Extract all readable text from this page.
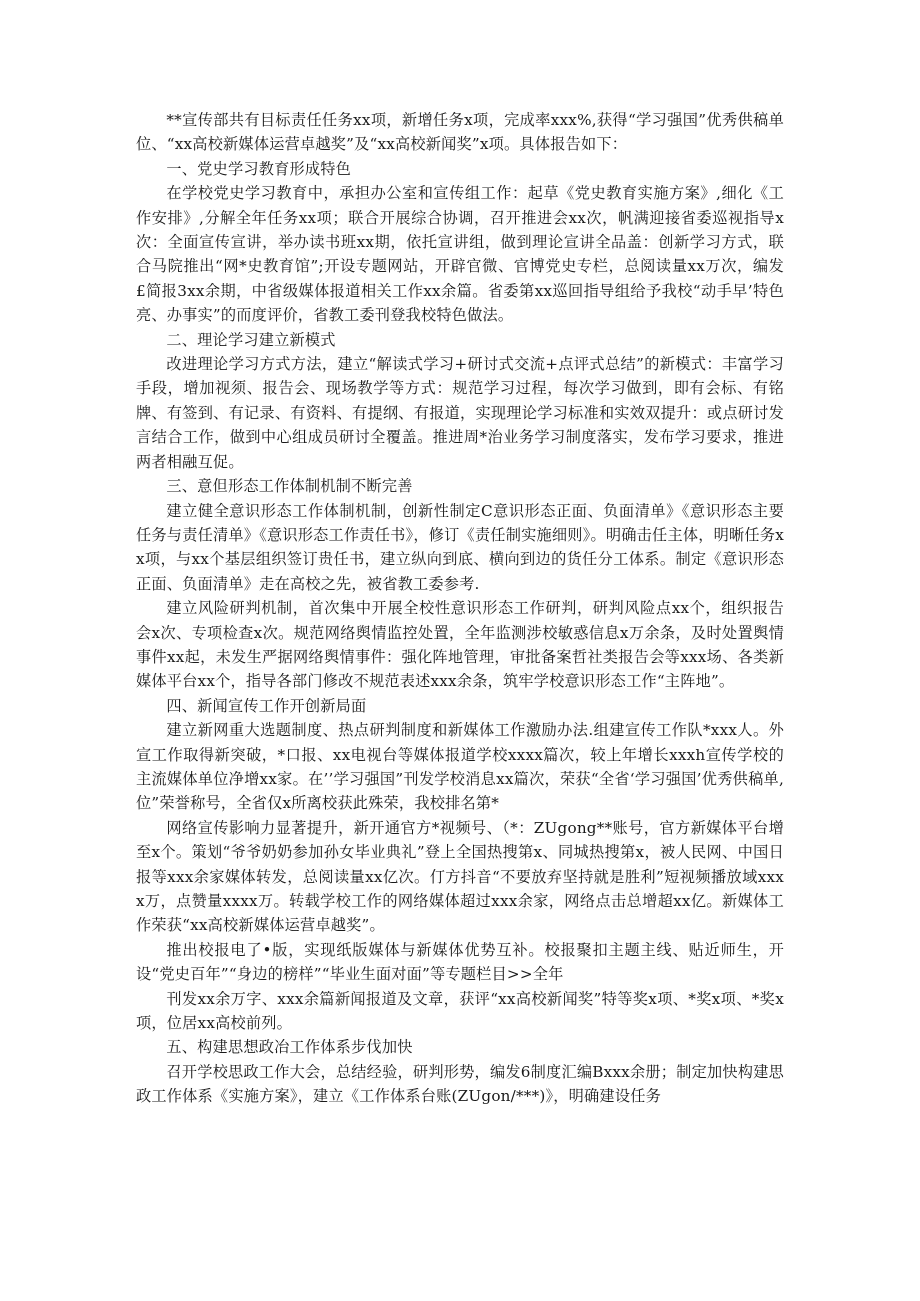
**宣传部共有目标责任任务xx项，新增任务x项，完成率xxx%,获得“学习强国”优秀供稿单位、“xx高校新媒体运营卓越奖”及“xx高校新闻奖”x项。具体报告如下：

一、党史学习教育形成特色

在学校党史学习教育中，承担办公室和宣传组工作：起草《党史教育实施方案》,细化《工作安排》,分解全年任务xx项；联合开展综合协调，召开推进会xx次，帆满迎接省委巡视指导x次：全面宣传宣讲，举办读书班xx期，依托宣讲组，做到理论宣讲全品盖：创新学习方式，联合马院推出“网*史教育馆”;开设专题网站，开辟官微、官博党史专栏，总阅读量xx万次，编发£简报3xx余期，中省级媒体报道相关工作xx余篇。省委第xx巡回指导组给予我校“动手早’特色亮、办事实”的而度评价，省教工委刊登我校特色做法。

二、理论学习建立新模式

改进理论学习方式方法，建立“解读式学习+研讨式交流+点评式总结”的新模式：丰富学习手段，增加视须、报告会、现场教学等方式：规范学习过程，每次学习做到，即有会标、有铭牌、有签到、有记录、有资料、有提纲、有报道，实现理论学习标准和实效双提升：或点研讨发言结合工作，做到中心组成员研讨全覆盖。推进周*治业务学习制度落实，发布学习要求，推进两者相融互促。

三、意但形态工作体制机制不断完善

建立健全意识形态工作体制机制，创新性制定C意识形态正面、负面清单》《意识形态主要任务与责任清单》《意识形态工作责任书》，修订《责任制实施细则》。明确击任主体，明晰任务xx项，与xx个基层组织签订贵任书，建立纵向到底、横向到边的货任分工体系。制定《意识形态正面、负面清单》走在高校之先，被省教工委参考.

建立风险研判机制，首次集中开展全校性意识形态工作研判，研判风险点xx个，组织报告会x次、专项检查x次。规范网络舆情监控处置，全年监测涉校敏惑信息x万余条，及时处置舆情事件xx起，未发生严据网络舆情事件：强化阵地管理，审批备案哲社类报告会等xxx场、各类新媒体平台xx个，指导各部门修改不规范表述xxx余条，筑牢学校意识形态工作“主阵地”。

四、新闻宣传工作开创新局面

建立新网重大选题制度、热点研判制度和新媒体工作激励办法.组建宣传工作队*xxx人。外宣工作取得新突破，*口报、xx电视台等媒体报道学校xxxx篇次，较上年增长xxxh宣传学校的主流媒体单位净增xx家。在’’学习强国”刊发学校消息xx篇次，荣获“全省‘学习强国’优秀供稿单,位”荣誉称号，全省仅x所离校获此殊荣，我校排名第*

网络宣传影响力显著提升，新开通官方*视频号、（*：ZUgong**账号，官方新媒体平台增至x个。策划“爷爷奶奶参加孙女毕业典礼”登上全国热搜第x、同城热搜第x，被人民网、中国日报等xxx余家媒体转发，总阅读量xx亿次。仃方抖音“不要放弃坚持就是胜利”短视频播放域xxxx万，点赞量xxxx万。转载学校工作的网络媒体超过xxx余家，网络点击总增超xx亿。新媒体工作荣获“xx高校新媒体运营卓越奖”。

推出校报电了•版，实现纸版媒体与新媒体优势互补。校报聚扣主题主线、贴近师生，开设“党史百年”“身边的榜样”“毕业生面对面”等专题栏目>>全年

刊发xx余万字、xxx余篇新闻报道及文章，获评“xx高校新闻奖”特等奖x项、*奖x项、*奖x项，位居xx高校前列。

五、构建思想政冶工作体系步伐加快

召开学校思政工作大会，总结经验，研判形势，编发6制度汇编Bxxx余册；制定加快构建思政工作体系《实施方案》，建立《工作体系台账(ZUgon/***)》，明确建设任务
